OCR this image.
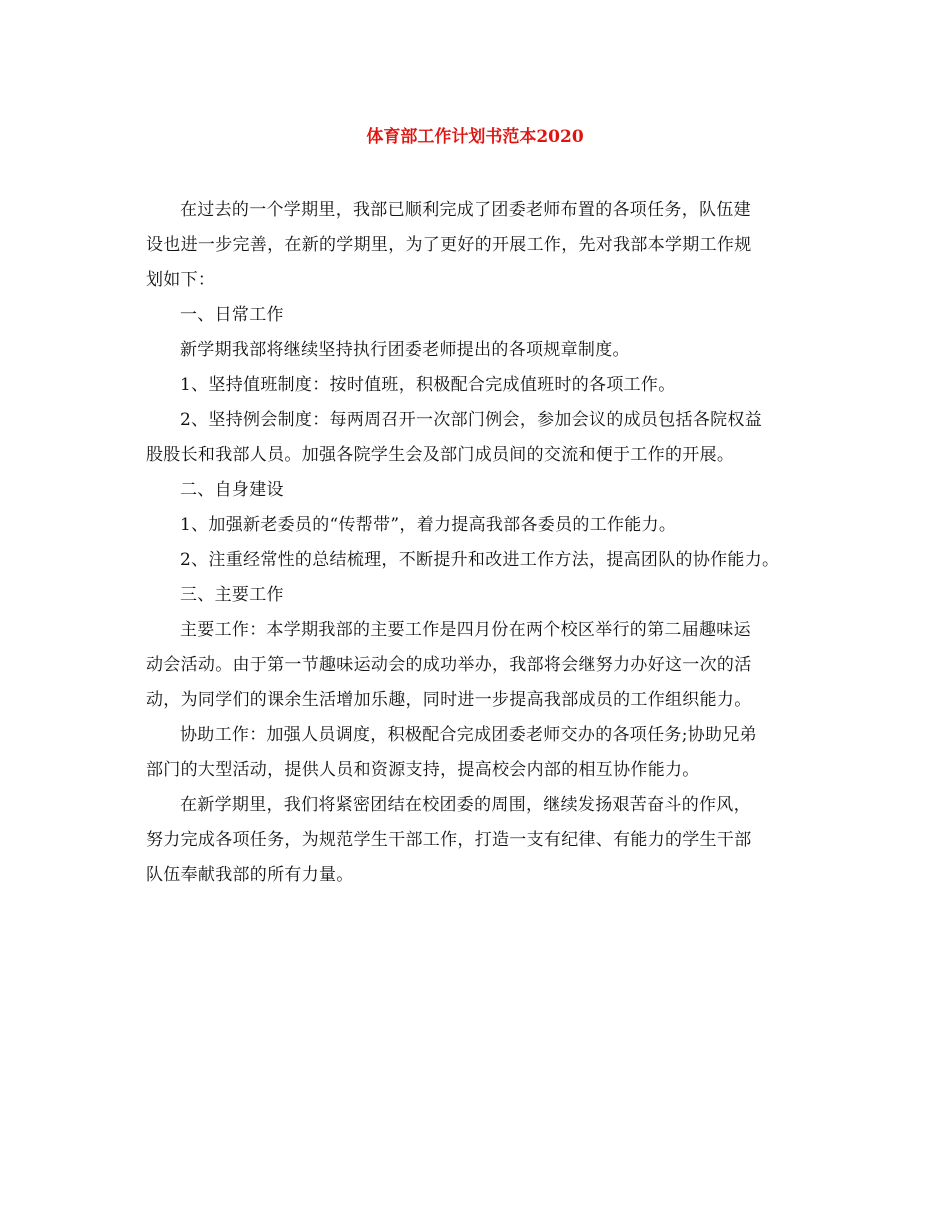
体育部工作计划书范本2020

在过去的一个学期里，我部已顺利完成了团委老师布置的各项任务，队伍建
设也进一步完善，在新的学期里，为了更好的开展工作，先对我部本学期工作规
划如下：

一、日常工作

新学期我部将继续坚持执行团委老师提出的各项规章制度。

1、坚持值班制度：按时值班，积极配合完成值班时的各项工作。

2、坚持例会制度：每两周召开一次部门例会，参加会议的成员包括各院权益
股股长和我部人员。加强各院学生会及部门成员间的交流和便于工作的开展。

二、自身建设

1、加强新老委员的“传帮带”，着力提高我部各委员的工作能力。

2、注重经常性的总结梳理，不断提升和改进工作方法，提高团队的协作能力。

三、主要工作

主要工作：本学期我部的主要工作是四月份在两个校区举行的第二届趣味运
动会活动。由于第一节趣味运动会的成功举办，我部将会继努力办好这一次的活
动，为同学们的课余生活增加乐趣，同时进一步提高我部成员的工作组织能力。

协助工作：加强人员调度，积极配合完成团委老师交办的各项任务;协助兄弟
部门的大型活动，提供人员和资源支持，提高校会内部的相互协作能力。

在新学期里，我们将紧密团结在校团委的周围，继续发扬艰苦奋斗的作风，
努力完成各项任务，为规范学生干部工作，打造一支有纪律、有能力的学生干部
队伍奉献我部的所有力量。
